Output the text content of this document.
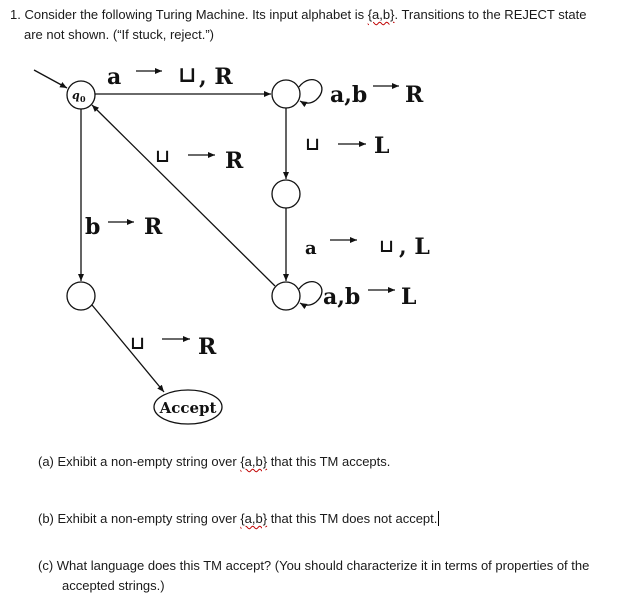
1. Consider the following Turing Machine. Its input alphabet is {a,b}. Transitions to the REJECT state
are not shown. (“If stuck, reject.”)
q 0
Accept
a	⊔ , R
a,b R
⊔ L
⊔ R
b R
a	⊔ , L
a,b L
⊔ R
(a) Exhibit a non-empty string over {a,b} that this TM accepts.
(b) Exhibit a non-empty string over {a,b} that this TM does not accept.
(c) What language does this TM accept? (You should characterize it in terms of properties of the
accepted strings.)
